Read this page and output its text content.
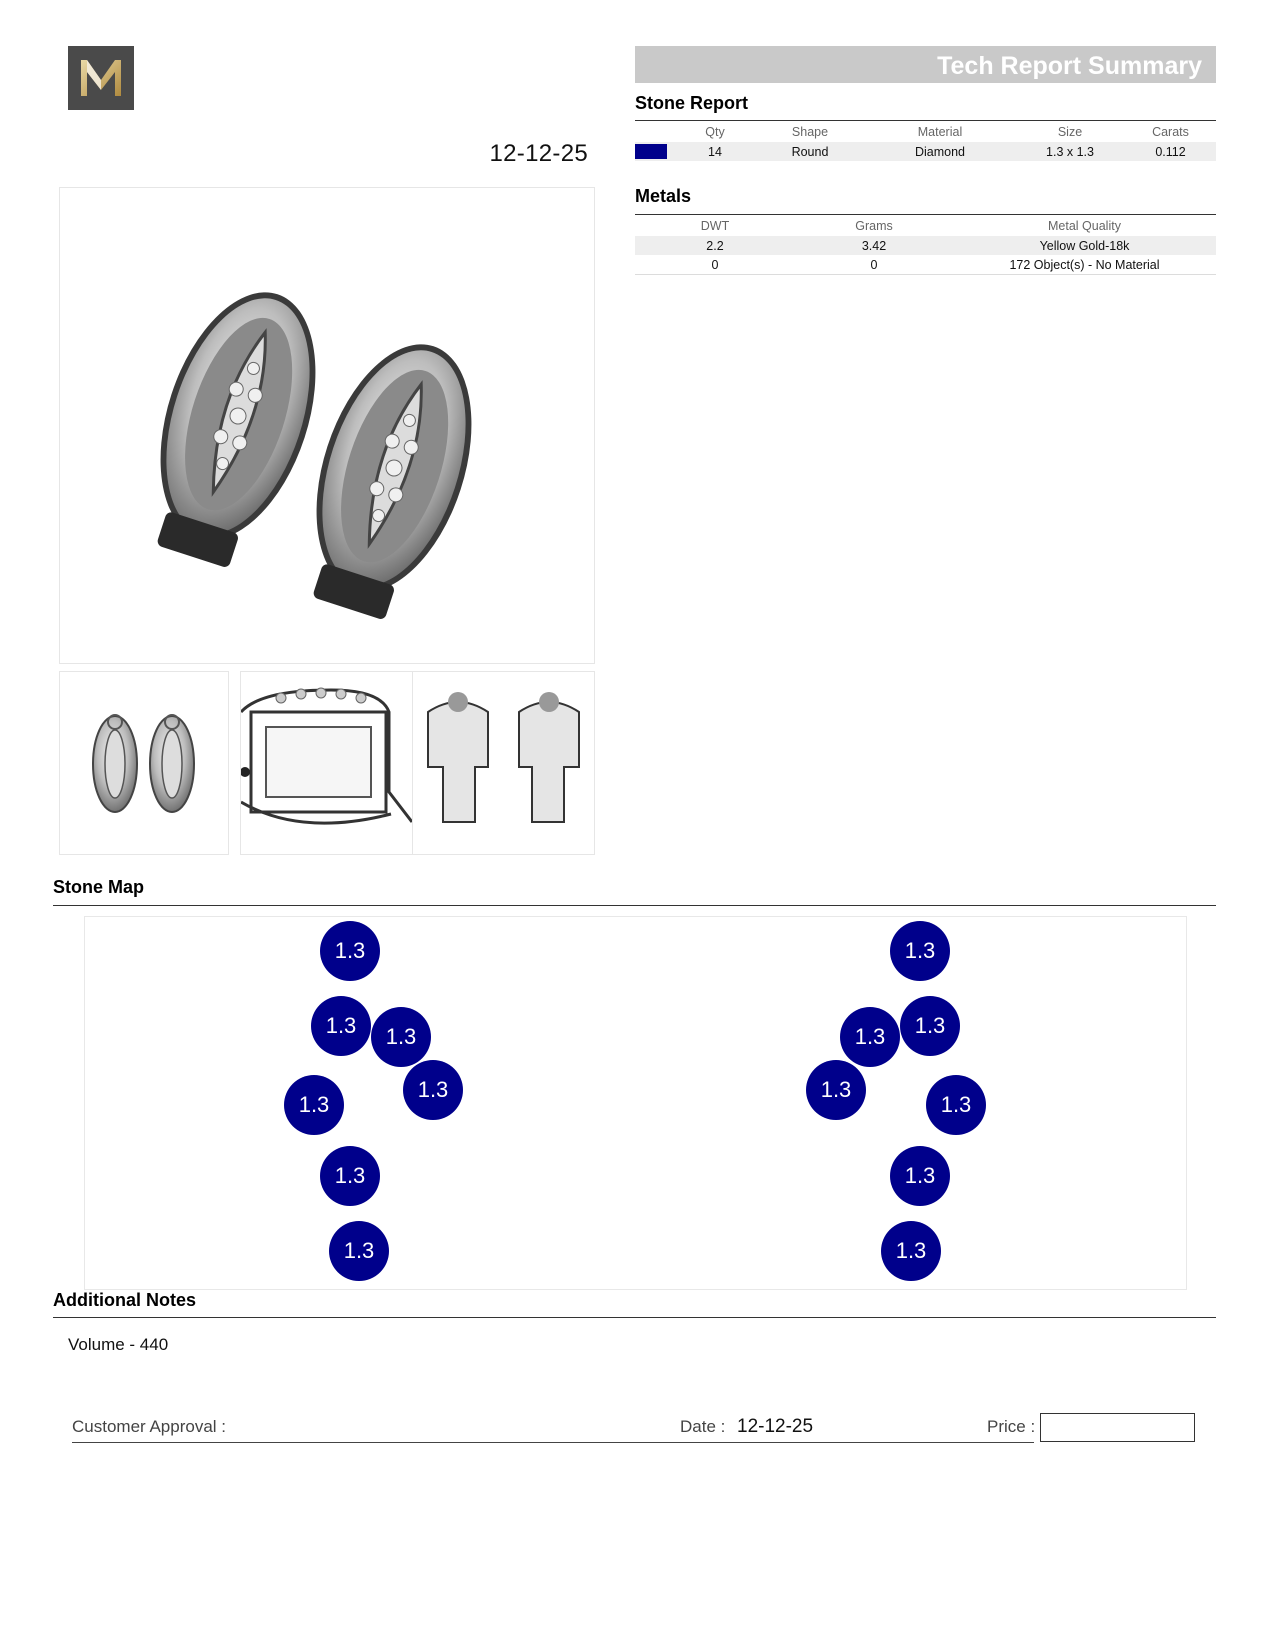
12-12-25
Tech Report Summary
Stone Report
	Qty	Shape	Material	Size	Carats
	14	Round	Diamond	1.3 x 1.3	0.112
Metals
DWT	Grams	Metal Quality
2.2	3.42	Yellow Gold-18k
0	0	172 Object(s) - No Material
Stone Map
1.3
1.3	1.3
1.3
1.3
1.3
1.3
1.3
1.3
1.3
1.3
1.3
1.3
1.3
Additional Notes
Volume - 440
Customer Approval :	Date : 12-12-25	Price :
